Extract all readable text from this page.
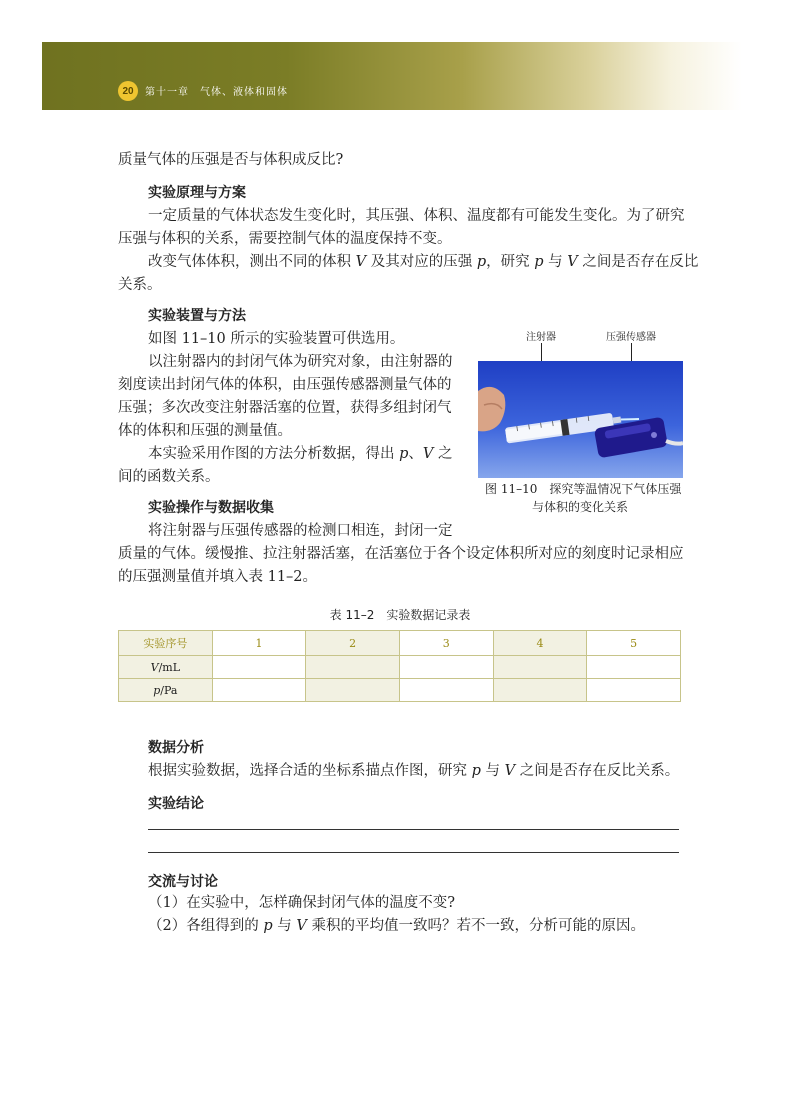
20	第十一章　气体、液体和固体
质量气体的压强是否与体积成反比?
实验原理与方案
一定质量的气体状态发生变化时，其压强、体积、温度都有可能发生变化。为了研究
压强与体积的关系，需要控制气体的温度保持不变。
改变气体体积，测出不同的体积 V 及其对应的压强 p，研究 p 与 V 之间是否存在反比
关系。
实验装置与方法
如图 11–10 所示的实验装置可供选用。
以注射器内的封闭气体为研究对象，由注射器的
刻度读出封闭气体的体积，由压强传感器测量气体的
压强；多次改变注射器活塞的位置，获得多组封闭气
体的体积和压强的测量值。
本实验采用作图的方法分析数据，得出 p、V 之
间的函数关系。
注射器	压强传感器
图 11–10　探究等温情况下气体压强
与体积的变化关系
实验操作与数据收集
将注射器与压强传感器的检测口相连，封闭一定
质量的气体。缓慢推、拉注射器活塞，在活塞位于各个设定体积所对应的刻度时记录相应
的压强测量值并填入表 11–2。
表 11–2　实验数据记录表
实验序号	1	2	3	4	5
V/mL					
p/Pa					
数据分析
根据实验数据，选择合适的坐标系描点作图，研究 p 与 V 之间是否存在反比关系。
实验结论
交流与讨论
（1）在实验中，怎样确保封闭气体的温度不变?
（2）各组得到的 p 与 V 乘积的平均值一致吗？若不一致，分析可能的原因。
